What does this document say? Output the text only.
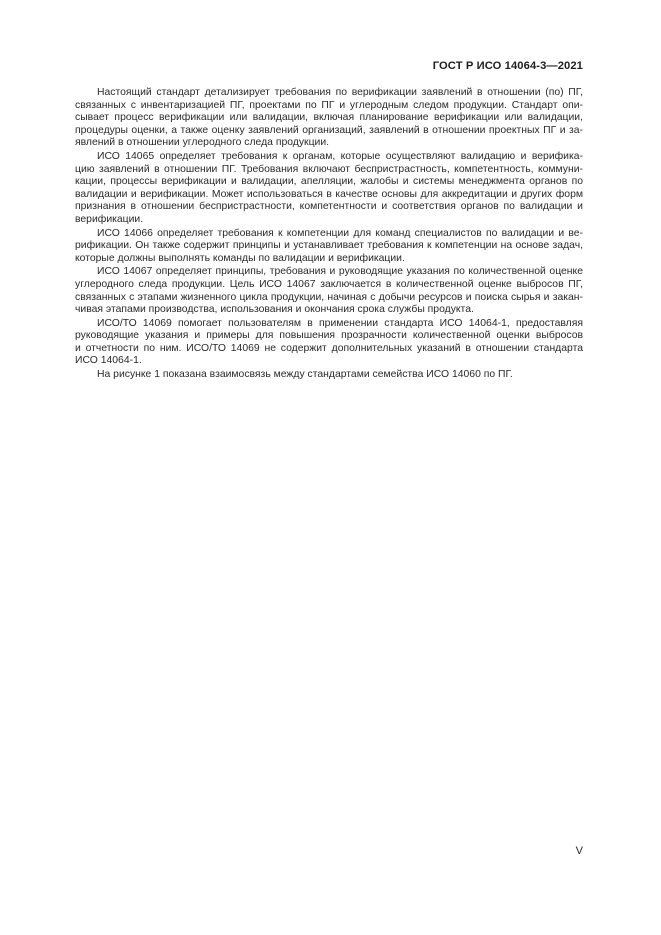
ГОСТ Р ИСО 14064-3—2021
Настоящий стандарт детализирует требования по верификации заявлений в отношении (по) ПГ,
связанных с инвентаризацией ПГ, проектами по ПГ и углеродным следом продукции. Стандарт опи-
сывает процесс верификации или валидации, включая планирование верификации или валидации,
процедуры оценки, а также оценку заявлений организаций, заявлений в отношении проектных ПГ и за-
явлений в отношении углеродного следа продукции.
ИСО 14065 определяет требования к органам, которые осуществляют валидацию и верифика-
цию заявлений в отношении ПГ. Требования включают беспристрастность, компетентность, коммуни-
кации, процессы верификации и валидации, апелляции, жалобы и системы менеджмента органов по
валидации и верификации. Может использоваться в качестве основы для аккредитации и других форм
признания в отношении беспристрастности, компетентности и соответствия органов по валидации и
верификации.
ИСО 14066 определяет требования к компетенции для команд специалистов по валидации и ве-
рификации. Он также содержит принципы и устанавливает требования к компетенции на основе задач,
которые должны выполнять команды по валидации и верификации.
ИСО 14067 определяет принципы, требования и руководящие указания по количественной оценке
углеродного следа продукции. Цель ИСО 14067 заключается в количественной оценке выбросов ПГ,
связанных с этапами жизненного цикла продукции, начиная с добычи ресурсов и поиска сырья и закан-
чивая этапами производства, использования и окончания срока службы продукта.
ИСО/ТО 14069 помогает пользователям в применении стандарта ИСО 14064-1, предоставляя
руководящие указания и примеры для повышения прозрачности количественной оценки выбросов
и отчетности по ним. ИСО/ТО 14069 не содержит дополнительных указаний в отношении стандарта
ИСО 14064-1.
На рисунке 1 показана взаимосвязь между стандартами семейства ИСО 14060 по ПГ.
V
